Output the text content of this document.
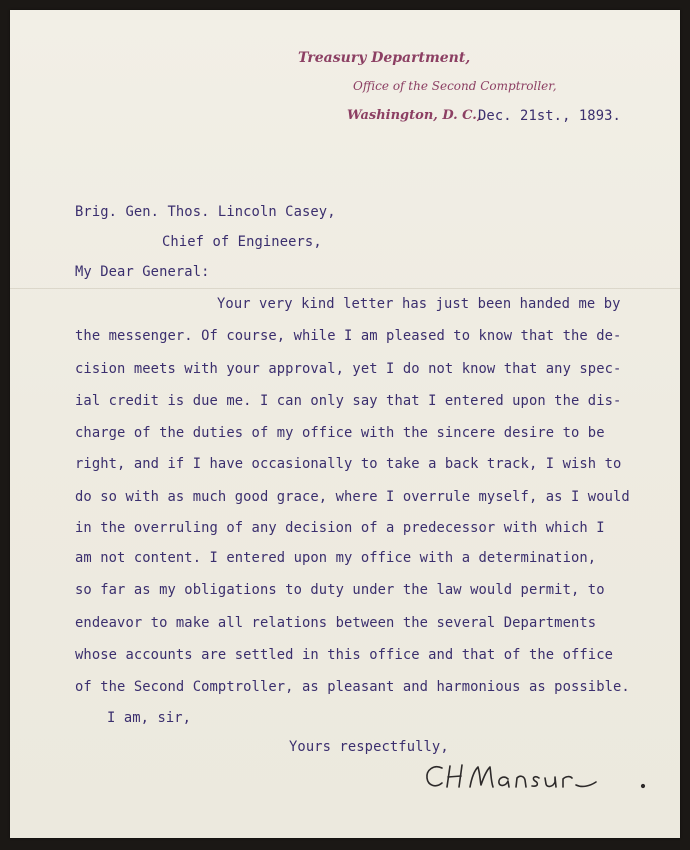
Treasury Department,
Office of the Second Comptroller,
Washington, D. C.,
Dec. 21st., 1893.
Brig. Gen. Thos. Lincoln Casey,
Chief of Engineers,
My Dear General:
Your very kind letter has just been handed me by
the messenger. Of course, while I am pleased to know that the de-
cision meets with your approval, yet I do not know that any spec-
ial credit is due me. I can only say that I entered upon the dis-
charge of the duties of my office with the sincere desire to be
right, and if I have occasionally to take a back track, I wish to
do so with as much good grace, where I overrule myself, as I would
in the overruling of any decision of a predecessor with which I
am not content. I entered upon my office with a determination,
so far as my obligations to duty under the law would permit, to
endeavor to make all relations between the several Departments
whose accounts are settled in this office and that of the office
of the Second Comptroller, as pleasant and harmonious as possible.
I am, sir,
Yours respectfully,
